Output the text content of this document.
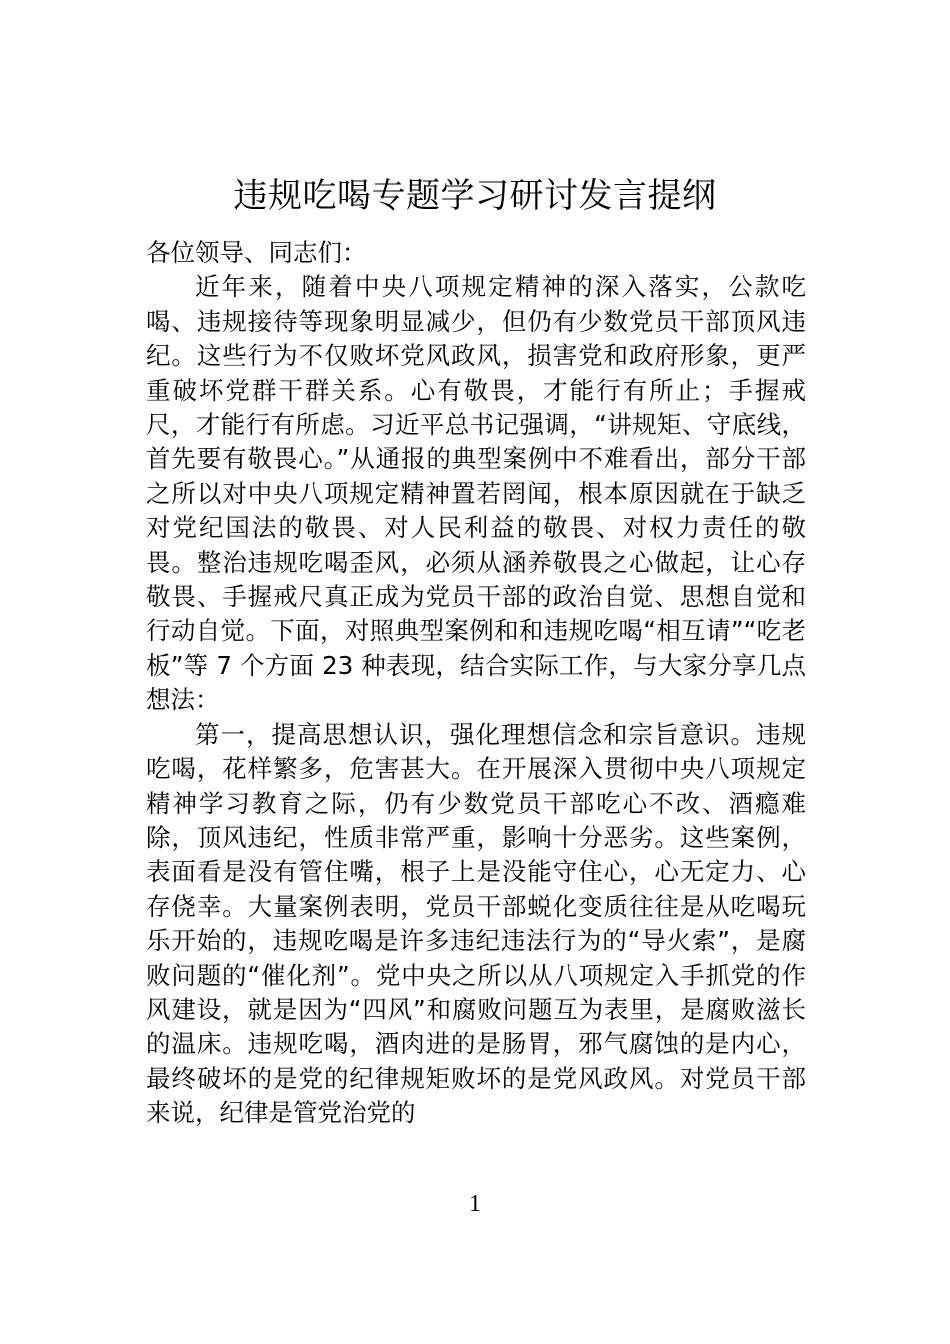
违规吃喝专题学习研讨发言提纲

各位领导、同志们：

近年来，随着中央八项规定精神的深入落实，公款吃喝、违规接待等现象明显减少，但仍有少数党员干部顶风违纪。这些行为不仅败坏党风政风，损害党和政府形象，更严重破坏党群干群关系。心有敬畏，才能行有所止；手握戒尺，才能行有所虑。习近平总书记强调，“讲规矩、守底线，首先要有敬畏心。”从通报的典型案例中不难看出，部分干部之所以对中央八项规定精神置若罔闻，根本原因就在于缺乏对党纪国法的敬畏、对人民利益的敬畏、对权力责任的敬畏。整治违规吃喝歪风，必须从涵养敬畏之心做起，让心存敬畏、手握戒尺真正成为党员干部的政治自觉、思想自觉和行动自觉。下面，对照典型案例和和违规吃喝“相互请”“吃老板”等 7 个方面 23 种表现，结合实际工作，与大家分享几点想法：

第一，提高思想认识，强化理想信念和宗旨意识。违规吃喝，花样繁多，危害甚大。在开展深入贯彻中央八项规定精神学习教育之际，仍有少数党员干部吃心不改、酒瘾难除，顶风违纪，性质非常严重，影响十分恶劣。这些案例，表面看是没有管住嘴，根子上是没能守住心，心无定力、心存侥幸。大量案例表明，党员干部蜕化变质往往是从吃喝玩乐开始的，违规吃喝是许多违纪违法行为的“导火索”，是腐败问题的“催化剂”。党中央之所以从八项规定入手抓党的作风建设，就是因为“四风”和腐败问题互为表里，是腐败滋长的温床。违规吃喝，酒肉进的是肠胃，邪气腐蚀的是内心，最终破坏的是党的纪律规矩败坏的是党风政风。对党员干部来说，纪律是管党治党的

1
